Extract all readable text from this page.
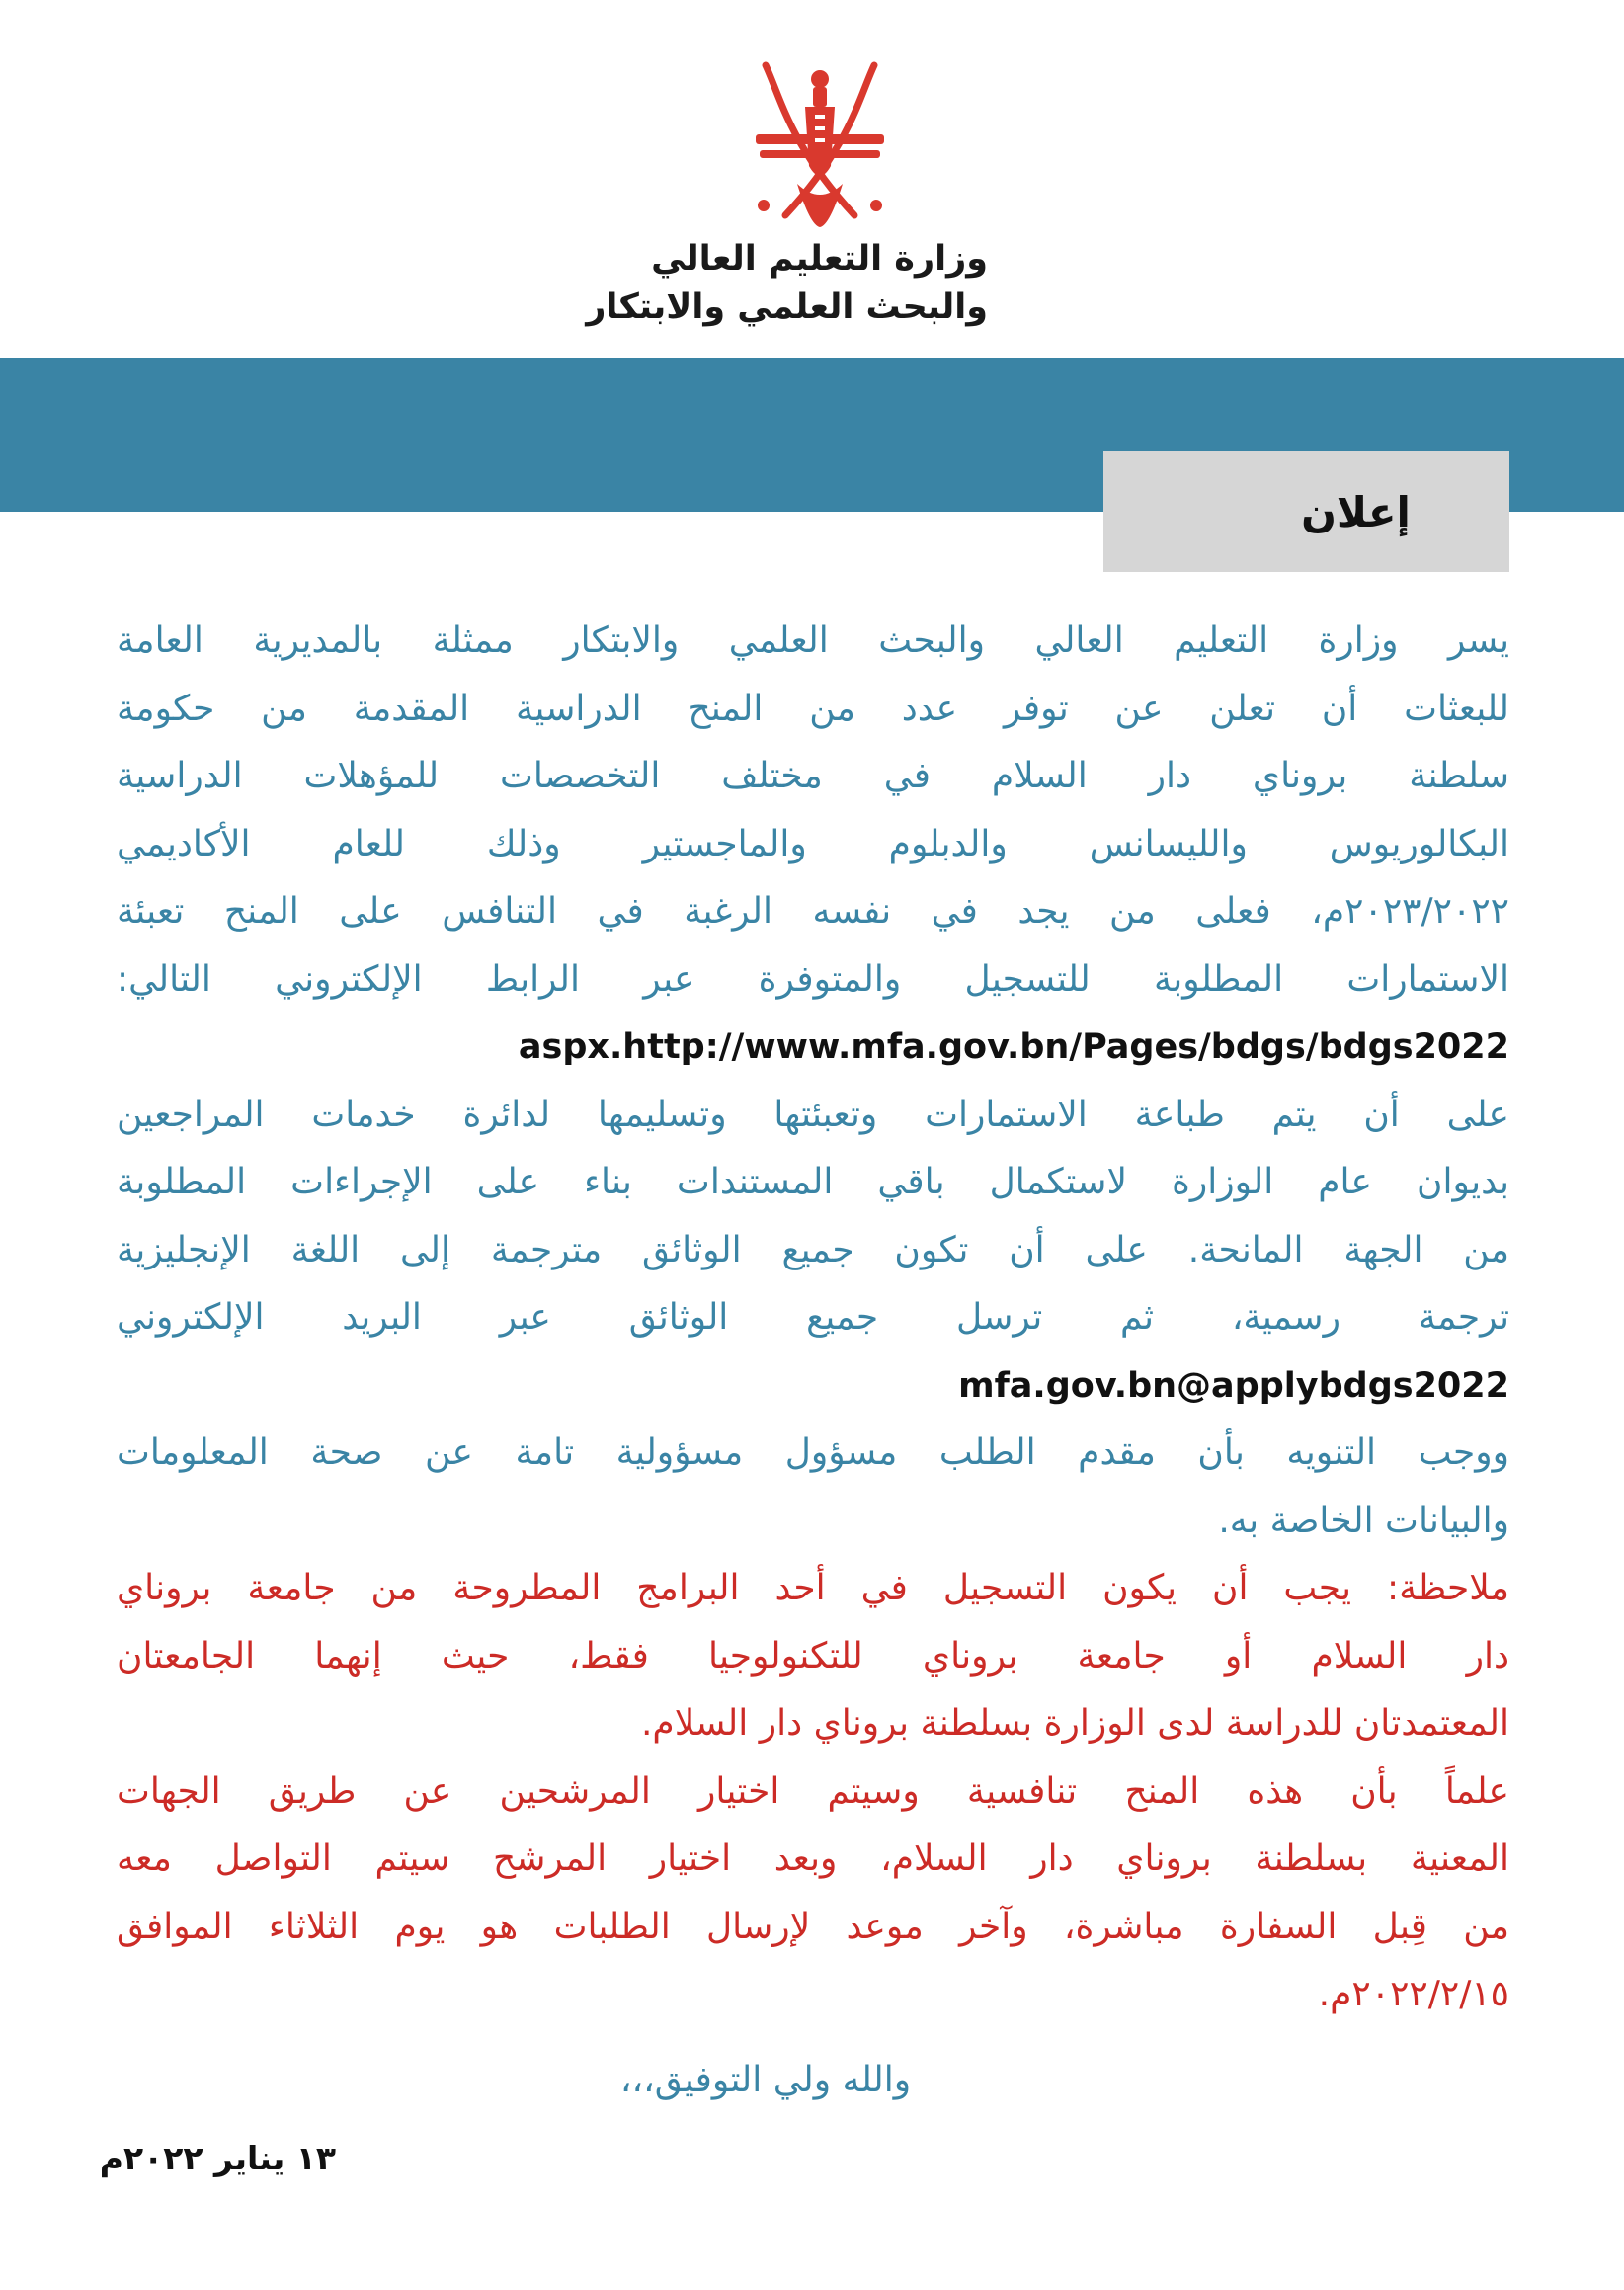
وزارة التعليم العالي
والبحث العلمي والابتكار
إعلان
يسر وزارة التعليم العالي والبحث العلمي والابتكار ممثلة بالمديرية العامة
للبعثات أن تعلن عن توفر عدد من المنح الدراسية المقدمة من حكومة
سلطنة بروناي دار السلام في مختلف التخصصات للمؤهلات الدراسية
البكالوريوس والليسانس والدبلوم والماجستير وذلك للعام الأكاديمي
٢٠٢٣/٢٠٢٢م، فعلى من يجد في نفسه الرغبة في التنافس على المنح تعبئة
الاستمارات المطلوبة للتسجيل والمتوفرة عبر الرابط الإلكتروني التالي:
aspx.http://www.mfa.gov.bn/Pages/bdgs/bdgs2022
على أن يتم طباعة الاستمارات وتعبئتها وتسليمها لدائرة خدمات المراجعين
بديوان عام الوزارة لاستكمال باقي المستندات بناء على الإجراءات المطلوبة
من الجهة المانحة. على أن تكون جميع الوثائق مترجمة إلى اللغة الإنجليزية
ترجمة رسمية، ثم ترسل جميع الوثائق عبر البريد الإلكتروني
mfa.gov.bn@applybdgs2022
ووجب التنويه بأن مقدم الطلب مسؤول مسؤولية تامة عن صحة المعلومات
والبيانات الخاصة به.
ملاحظة: يجب أن يكون التسجيل في أحد البرامج المطروحة من جامعة بروناي
دار السلام أو جامعة بروناي للتكنولوجيا فقط، حيث إنهما الجامعتان
المعتمدتان للدراسة لدى الوزارة بسلطنة بروناي دار السلام.
علماً بأن هذه المنح تنافسية وسيتم اختيار المرشحين عن طريق الجهات
المعنية بسلطنة بروناي دار السلام، وبعد اختيار المرشح سيتم التواصل معه
من قِبل السفارة مباشرة، وآخر موعد لإرسال الطلبات هو يوم الثلاثاء الموافق
٢٠٢٢/٢/١٥م.
والله ولي التوفيق،،،
١٣ يناير ٢٠٢٢م
